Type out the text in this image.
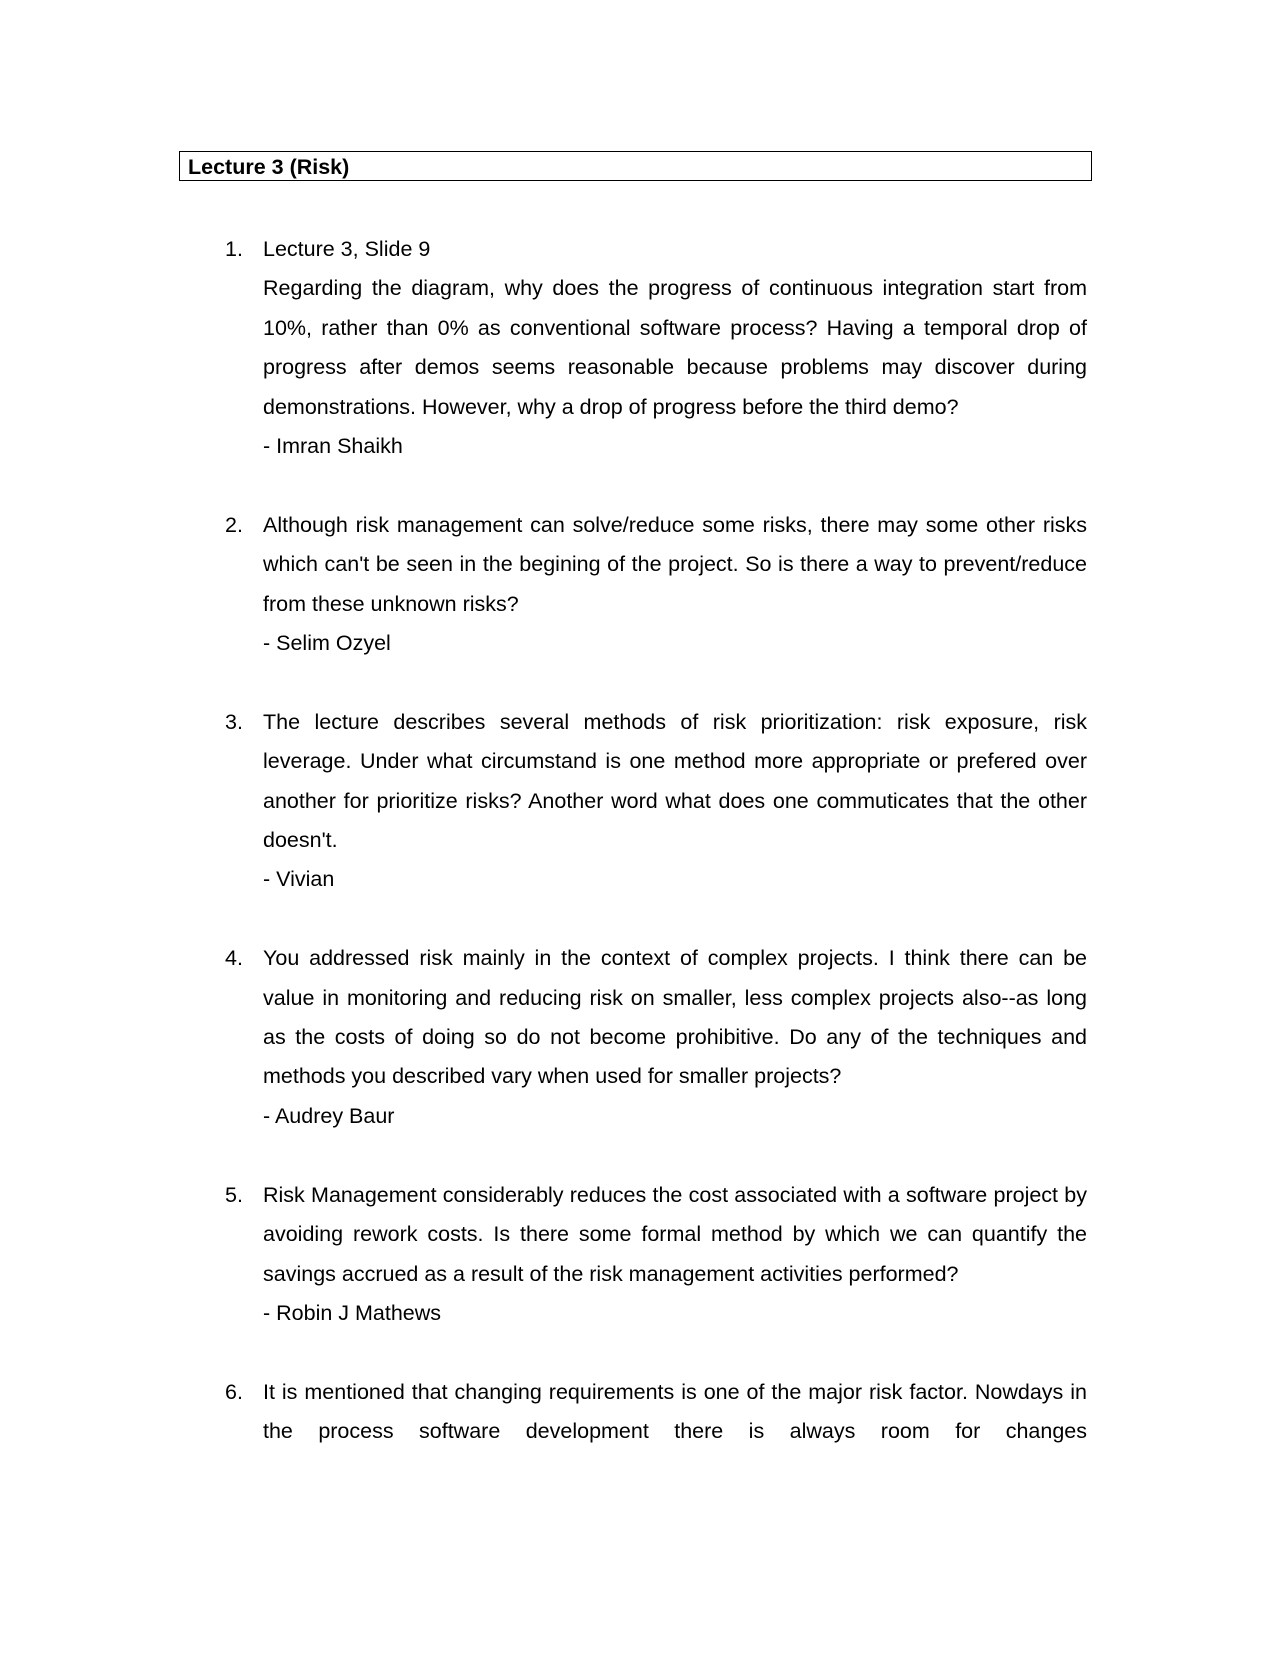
Lecture 3 (Risk)
1. Lecture 3, Slide 9
Regarding the diagram, why does the progress of continuous integration start from 10%, rather than 0% as conventional software process? Having a temporal drop of progress after demos seems reasonable because problems may discover during demonstrations. However, why a drop of progress before the third demo?
- Imran Shaikh
2. Although risk management can solve/reduce some risks, there may some other risks which can't be seen in the begining of the project. So is there a way to prevent/reduce from these unknown risks?
- Selim Ozyel
3. The lecture describes several methods of risk prioritization: risk exposure, risk leverage. Under what circumstand is one method more appropriate or prefered over another for prioritize risks? Another word what does one commuticates that the other doesn't.
- Vivian
4. You addressed risk mainly in the context of complex projects. I think there can be value in monitoring and reducing risk on smaller, less complex projects also--as long as the costs of doing so do not become prohibitive. Do any of the techniques and methods you described vary when used for smaller projects?
- Audrey Baur
5. Risk Management considerably reduces the cost associated with a software project by avoiding rework costs. Is there some formal method by which we can quantify the savings accrued as a result of the risk management activities performed?
- Robin J Mathews
6. It is mentioned that changing requirements is one of the major risk factor. Nowdays in the process software development there is always room for changes
